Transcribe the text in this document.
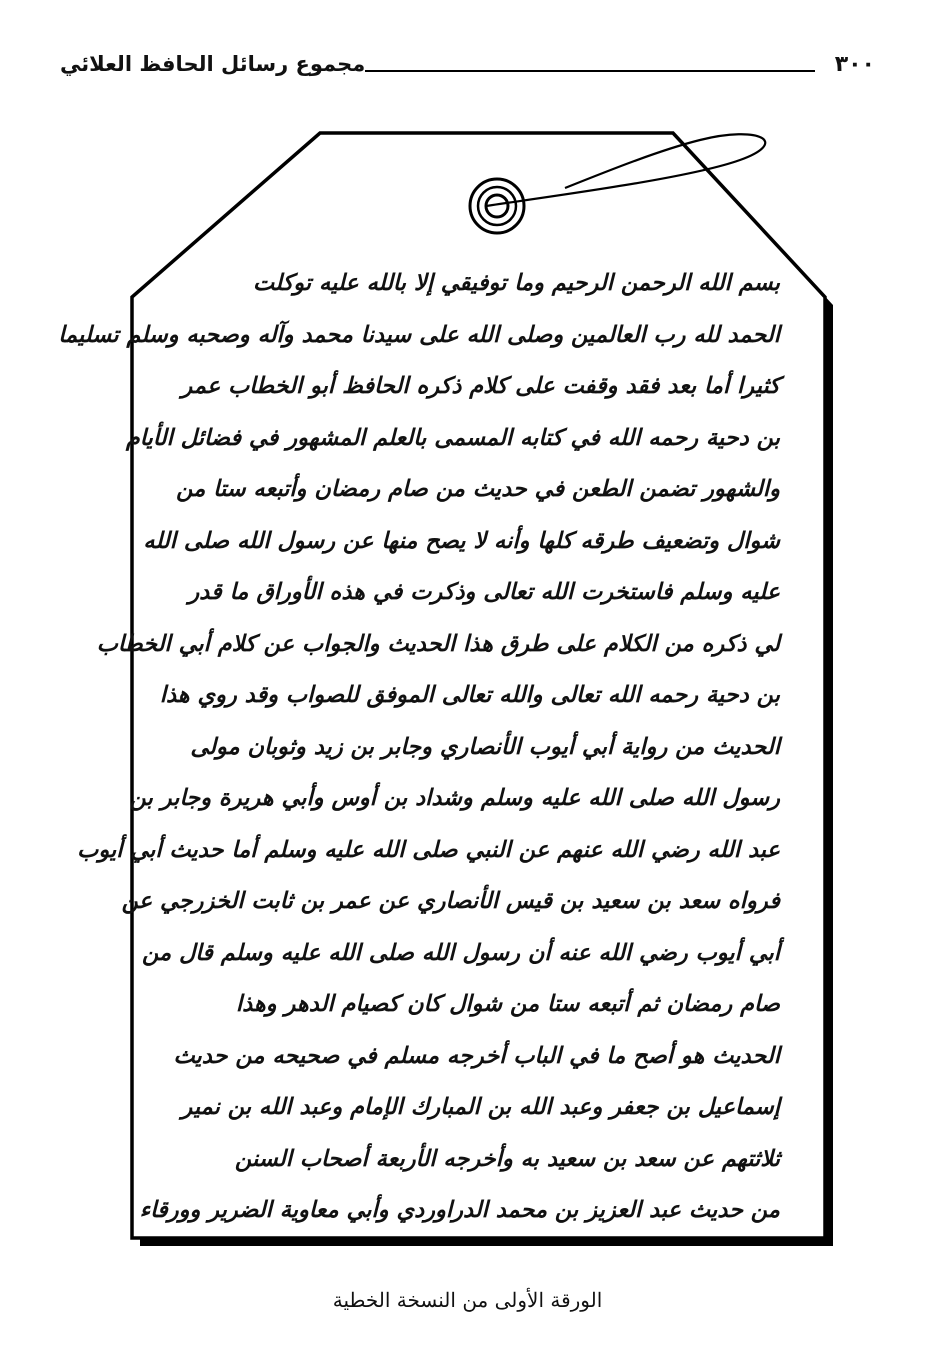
مجموع رسائل الحافظ العلائي	٣٠٠
بسم الله الرحمن الرحيم وما توفيقي إلا بالله عليه توكلت
الحمد لله رب العالمين وصلى الله على سيدنا محمد وآله وصحبه وسلم تسليما
كثيرا أما بعد فقد وقفت على كلام ذكره الحافظ أبو الخطاب عمر
بن دحية رحمه الله في كتابه المسمى بالعلم المشهور في فضائل الأيام
والشهور تضمن الطعن في حديث من صام رمضان وأتبعه ستا من
شوال وتضعيف طرقه كلها وأنه لا يصح منها عن رسول الله صلى الله
عليه وسلم فاستخرت الله تعالى وذكرت في هذه الأوراق ما قدر
لي ذكره من الكلام على طرق هذا الحديث والجواب عن كلام أبي الخطاب
بن دحية رحمه الله تعالى والله تعالى الموفق للصواب وقد روي هذا
الحديث من رواية أبي أيوب الأنصاري وجابر بن زيد وثوبان مولى
رسول الله صلى الله عليه وسلم وشداد بن أوس وأبي هريرة وجابر بن
عبد الله رضي الله عنهم عن النبي صلى الله عليه وسلم أما حديث أبي أيوب
فرواه سعد بن سعيد بن قيس الأنصاري عن عمر بن ثابت الخزرجي عن
أبي أيوب رضي الله عنه أن رسول الله صلى الله عليه وسلم قال من
صام رمضان ثم أتبعه ستا من شوال كان كصيام الدهر وهذا
الحديث هو أصح ما في الباب أخرجه مسلم في صحيحه من حديث
إسماعيل بن جعفر وعبد الله بن المبارك الإمام وعبد الله بن نمير
ثلاثتهم عن سعد بن سعيد به وأخرجه الأربعة أصحاب السنن
من حديث عبد العزيز بن محمد الدراوردي وأبي معاوية الضرير وورقاء
الورقة الأولى من النسخة الخطية
